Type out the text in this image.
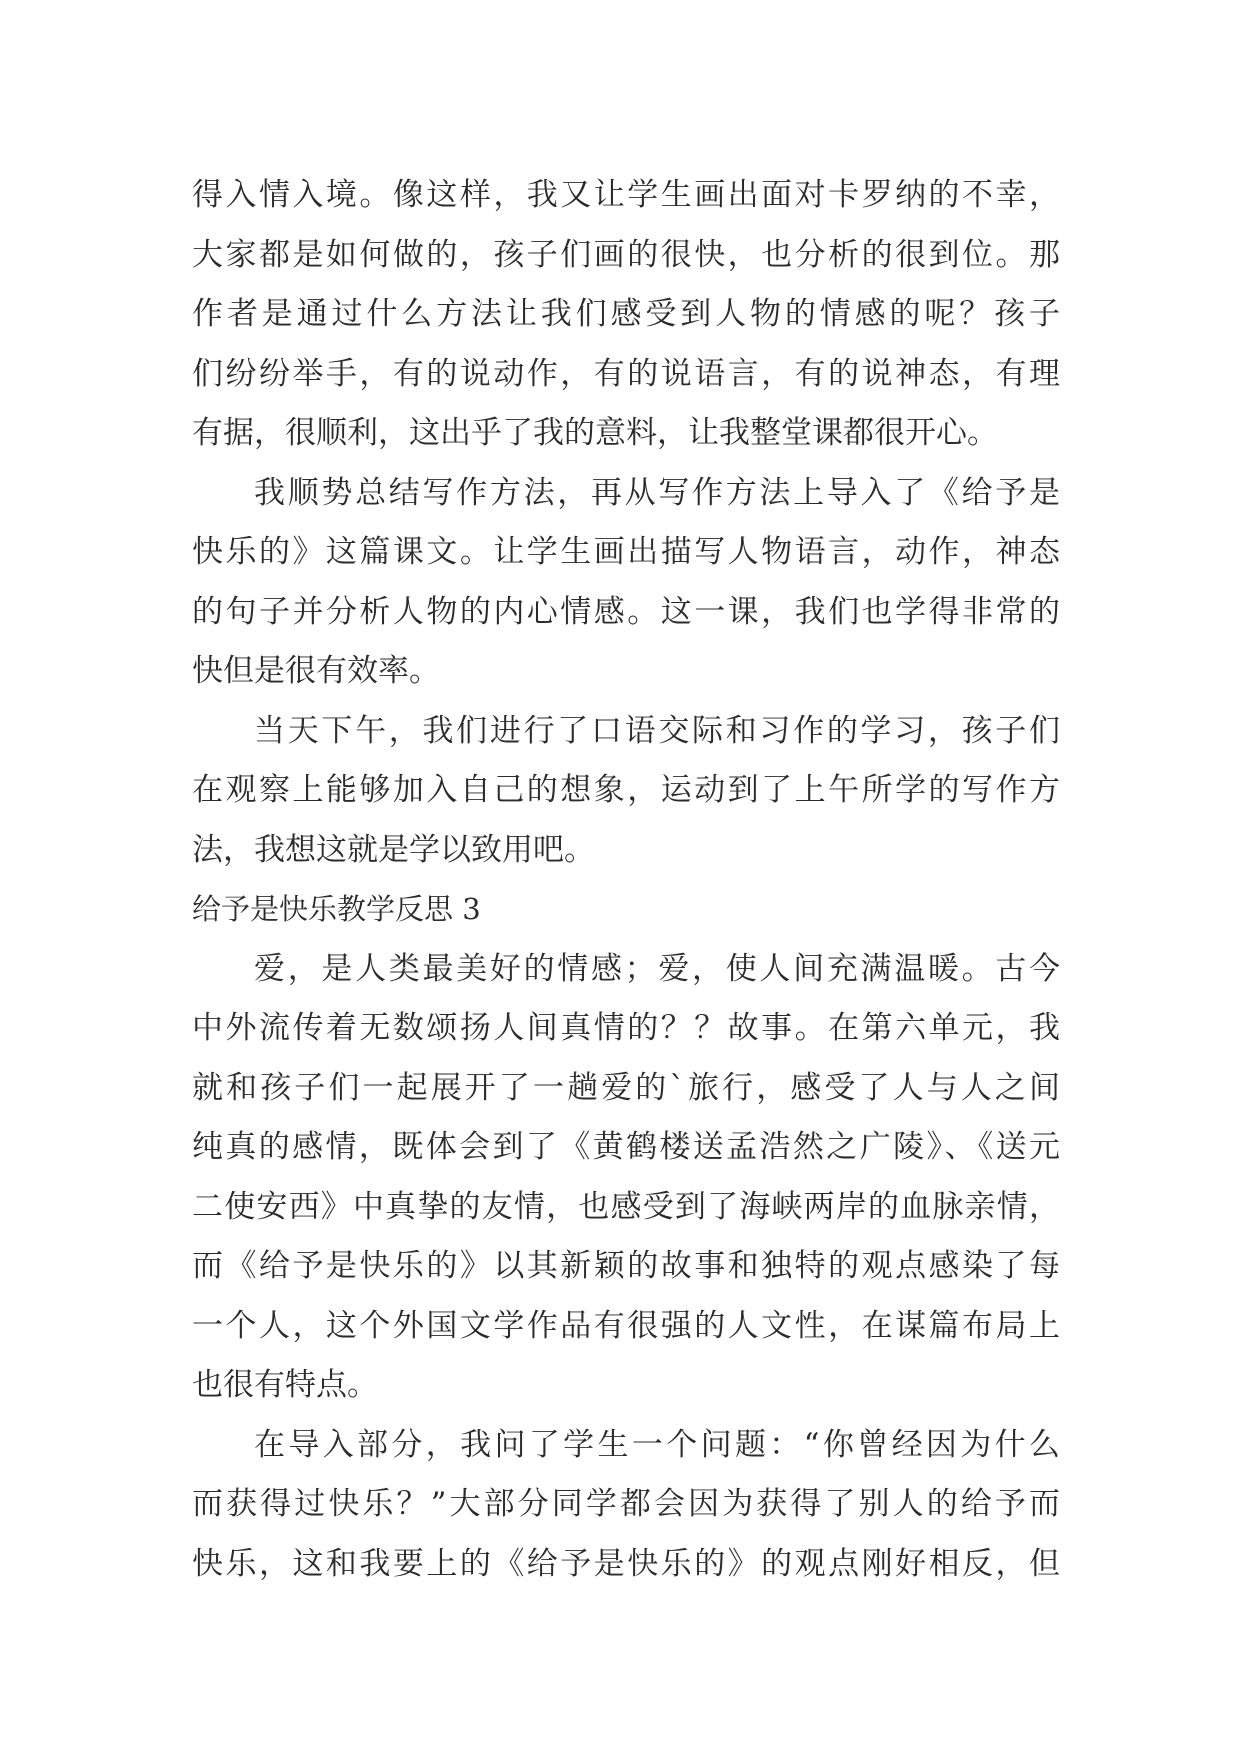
得入情入境。像这样，我又让学生画出面对卡罗纳的不幸，
大家都是如何做的，孩子们画的很快，也分析的很到位。那
作者是通过什么方法让我们感受到人物的情感的呢？孩子
们纷纷举手，有的说动作，有的说语言，有的说神态，有理
有据，很顺利，这出乎了我的意料，让我整堂课都很开心。
我顺势总结写作方法，再从写作方法上导入了《给予是
快乐的》这篇课文。让学生画出描写人物语言，动作，神态
的句子并分析人物的内心情感。这一课，我们也学得非常的
快但是很有效率。
当天下午，我们进行了口语交际和习作的学习，孩子们
在观察上能够加入自己的想象，运动到了上午所学的写作方
法，我想这就是学以致用吧。
给予是快乐教学反思 3
爱，是人类最美好的情感；爱，使人间充满温暖。古今
中外流传着无数颂扬人间真情的？？故事。在第六单元，我
就和孩子们一起展开了一趟爱的`旅行，感受了人与人之间
纯真的感情，既体会到了《黄鹤楼送孟浩然之广陵》、《送元
二使安西》中真挚的友情，也感受到了海峡两岸的血脉亲情，
而《给予是快乐的》以其新颖的故事和独特的观点感染了每
一个人，这个外国文学作品有很强的人文性，在谋篇布局上
也很有特点。
在导入部分，我问了学生一个问题：“你曾经因为什么
而获得过快乐？”大部分同学都会因为获得了别人的给予而
快乐，这和我要上的《给予是快乐的》的观点刚好相反，但
